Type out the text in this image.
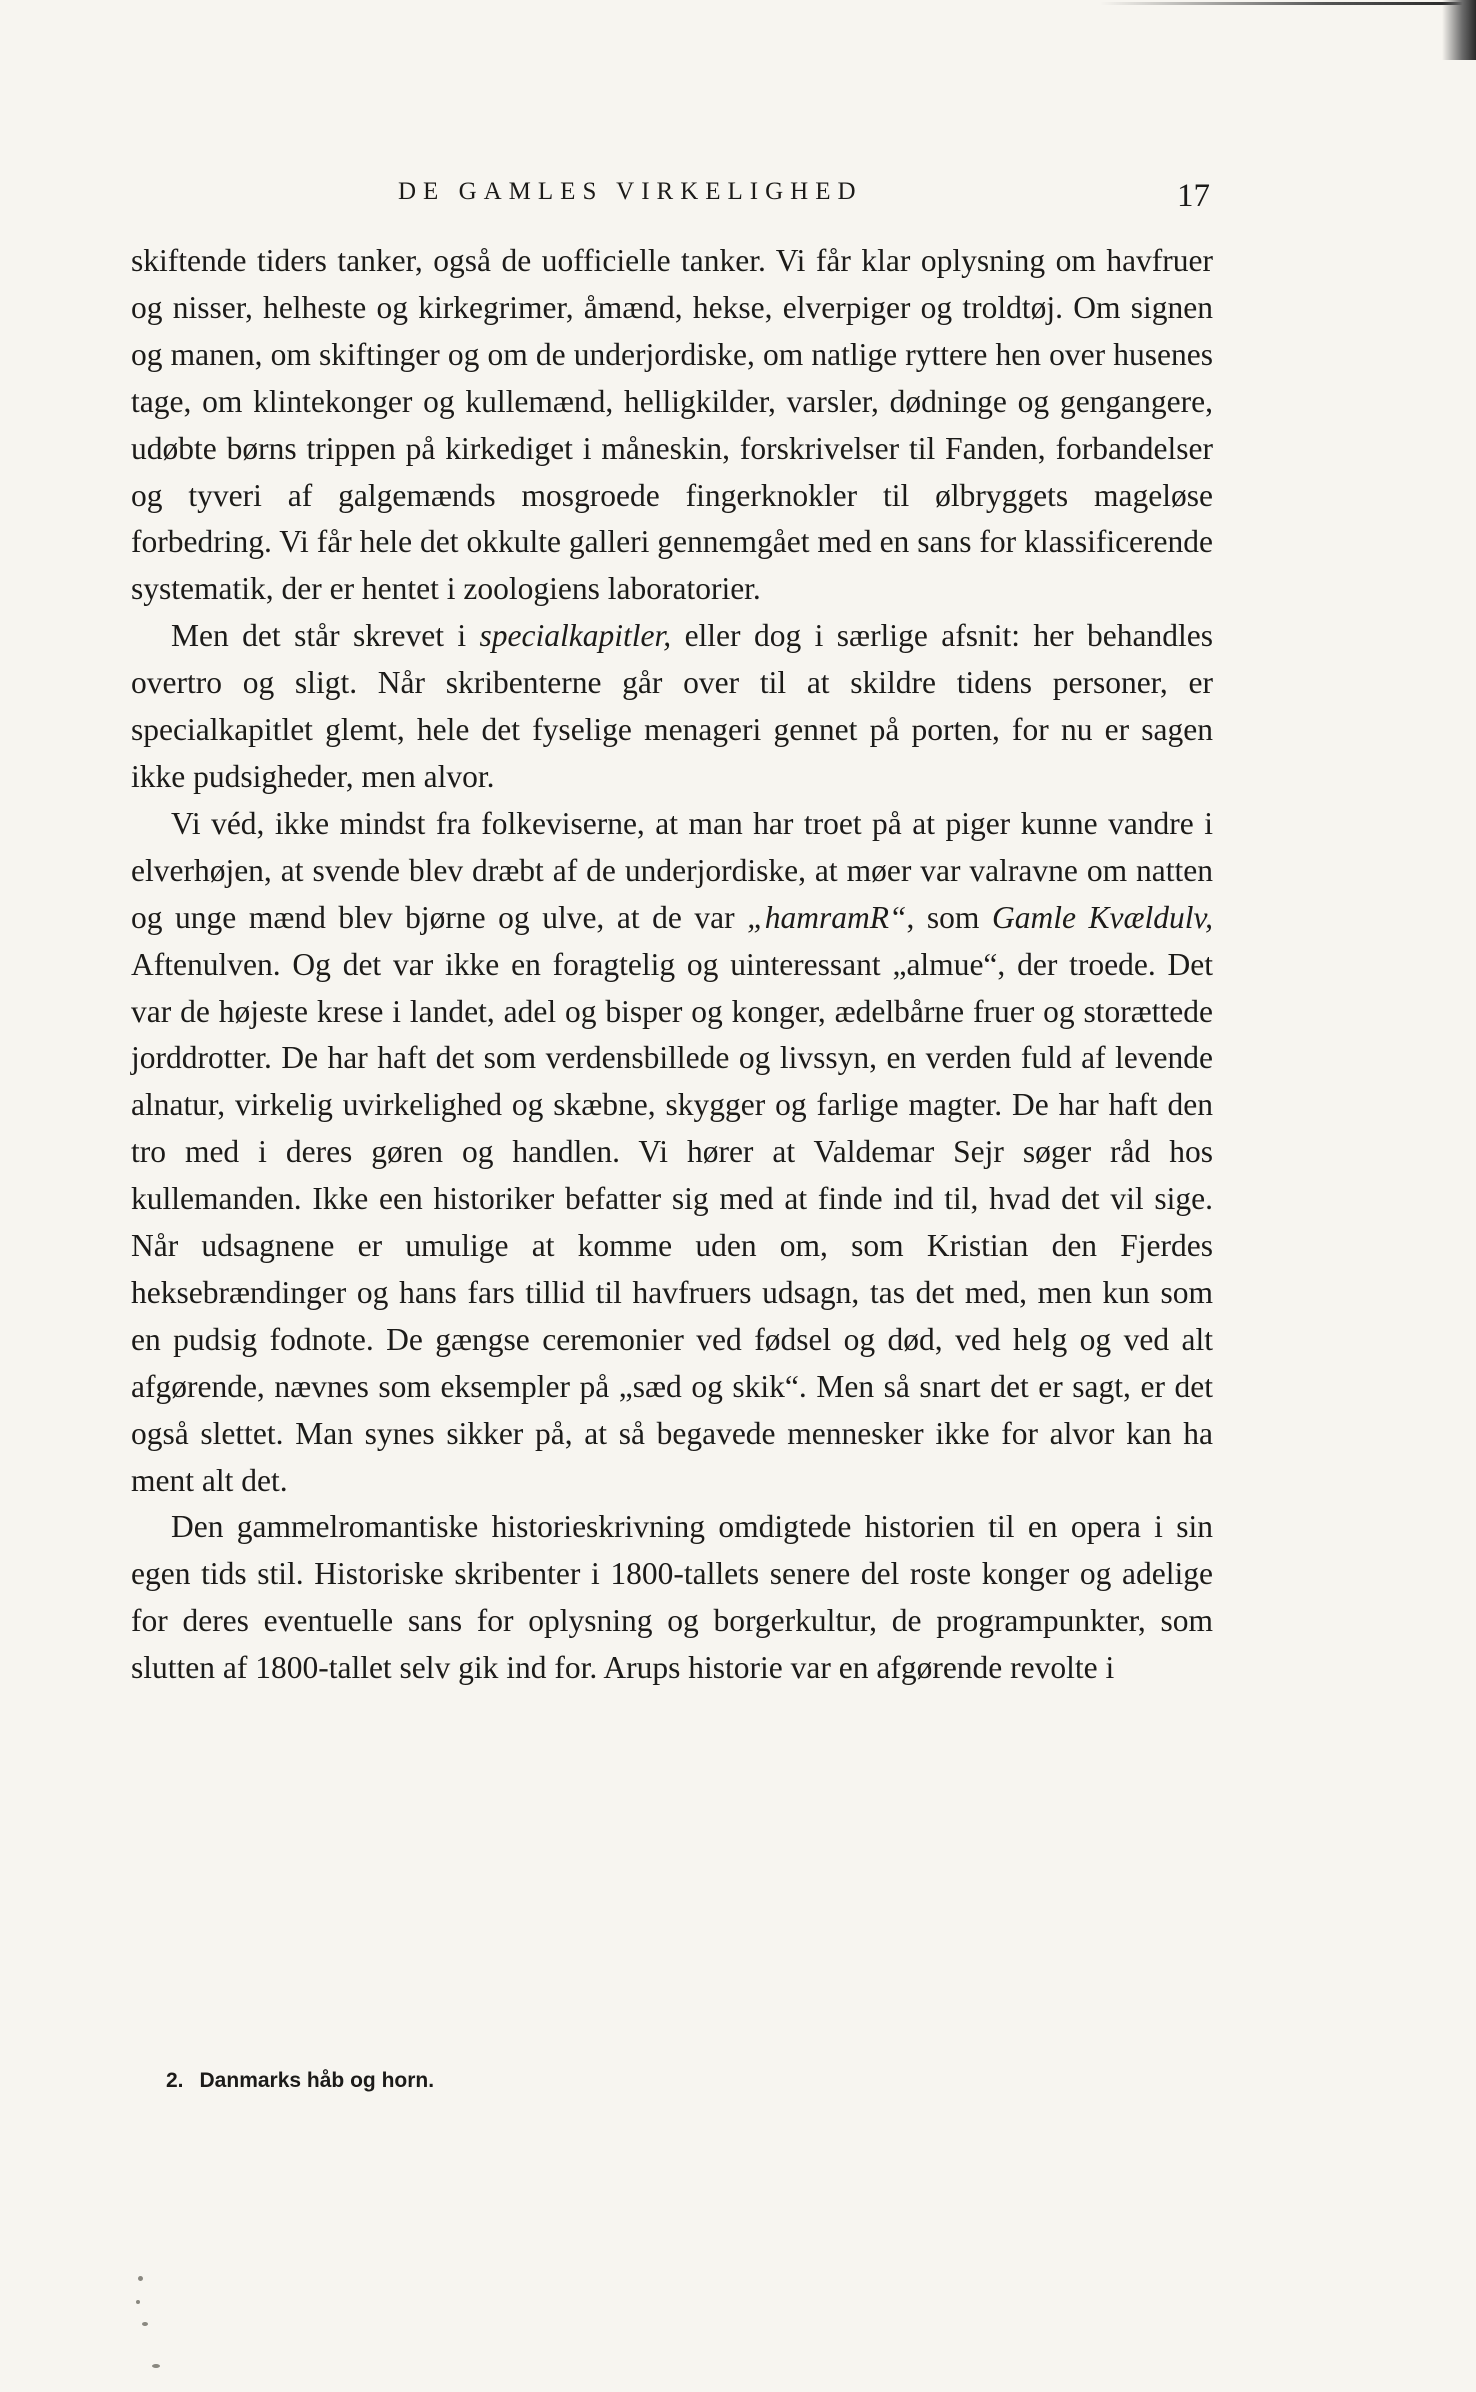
DE GAMLES VIRKELIGHED	17

skiftende tiders tanker, også de uofficielle tanker. Vi får klar oplysning om havfruer og nisser, helheste og kirkegrimer, åmænd, hekse, elverpiger og troldtøj. Om signen og manen, om skiftinger og om de underjordiske, om natlige ryttere hen over husenes tage, om klintekonger og kullemænd, helligkilder, varsler, dødninge og gengangere, udøbte børns trippen på kirkediget i måneskin, forskrivelser til Fanden, forbandelser og tyveri af galgemænds mosgroede fingerknokler til ølbryggets mageløse forbedring. Vi får hele det okkulte galleri gennemgået med en sans for klassificerende systematik, der er hentet i zoologiens laboratorier.

Men det står skrevet i specialkapitler, eller dog i særlige afsnit: her behandles overtro og sligt. Når skribenterne går over til at skildre tidens personer, er specialkapitlet glemt, hele det fyselige menageri gennet på porten, for nu er sagen ikke pudsigheder, men alvor.

Vi véd, ikke mindst fra folkeviserne, at man har troet på at piger kunne vandre i elverhøjen, at svende blev dræbt af de underjordiske, at møer var valravne om natten og unge mænd blev bjørne og ulve, at de var „hamramR“, som Gamle Kvældulv, Aftenulven. Og det var ikke en foragtelig og uinteressant „almue“, der troede. Det var de højeste krese i landet, adel og bisper og konger, ædelbårne fruer og storættede jorddrotter. De har haft det som verdensbillede og livssyn, en verden fuld af levende alnatur, virkelig uvirkelighed og skæbne, skygger og farlige magter. De har haft den tro med i deres gøren og handlen. Vi hører at Valdemar Sejr søger råd hos kullemanden. Ikke een historiker befatter sig med at finde ind til, hvad det vil sige. Når udsagnene er umulige at komme uden om, som Kristian den Fjerdes heksebrændinger og hans fars tillid til havfruers udsagn, tas det med, men kun som en pudsig fodnote. De gængse ceremonier ved fødsel og død, ved helg og ved alt afgørende, nævnes som eksempler på „sæd og skik“. Men så snart det er sagt, er det også slettet. Man synes sikker på, at så begavede mennesker ikke for alvor kan ha ment alt det.

Den gammelromantiske historieskrivning omdigtede historien til en opera i sin egen tids stil. Historiske skribenter i 1800-tallets senere del roste konger og adelige for deres eventuelle sans for oplysning og borgerkultur, de programpunkter, som slutten af 1800-tallet selv gik ind for. Arups historie var en afgørende revolte i

2. Danmarks håb og horn.
